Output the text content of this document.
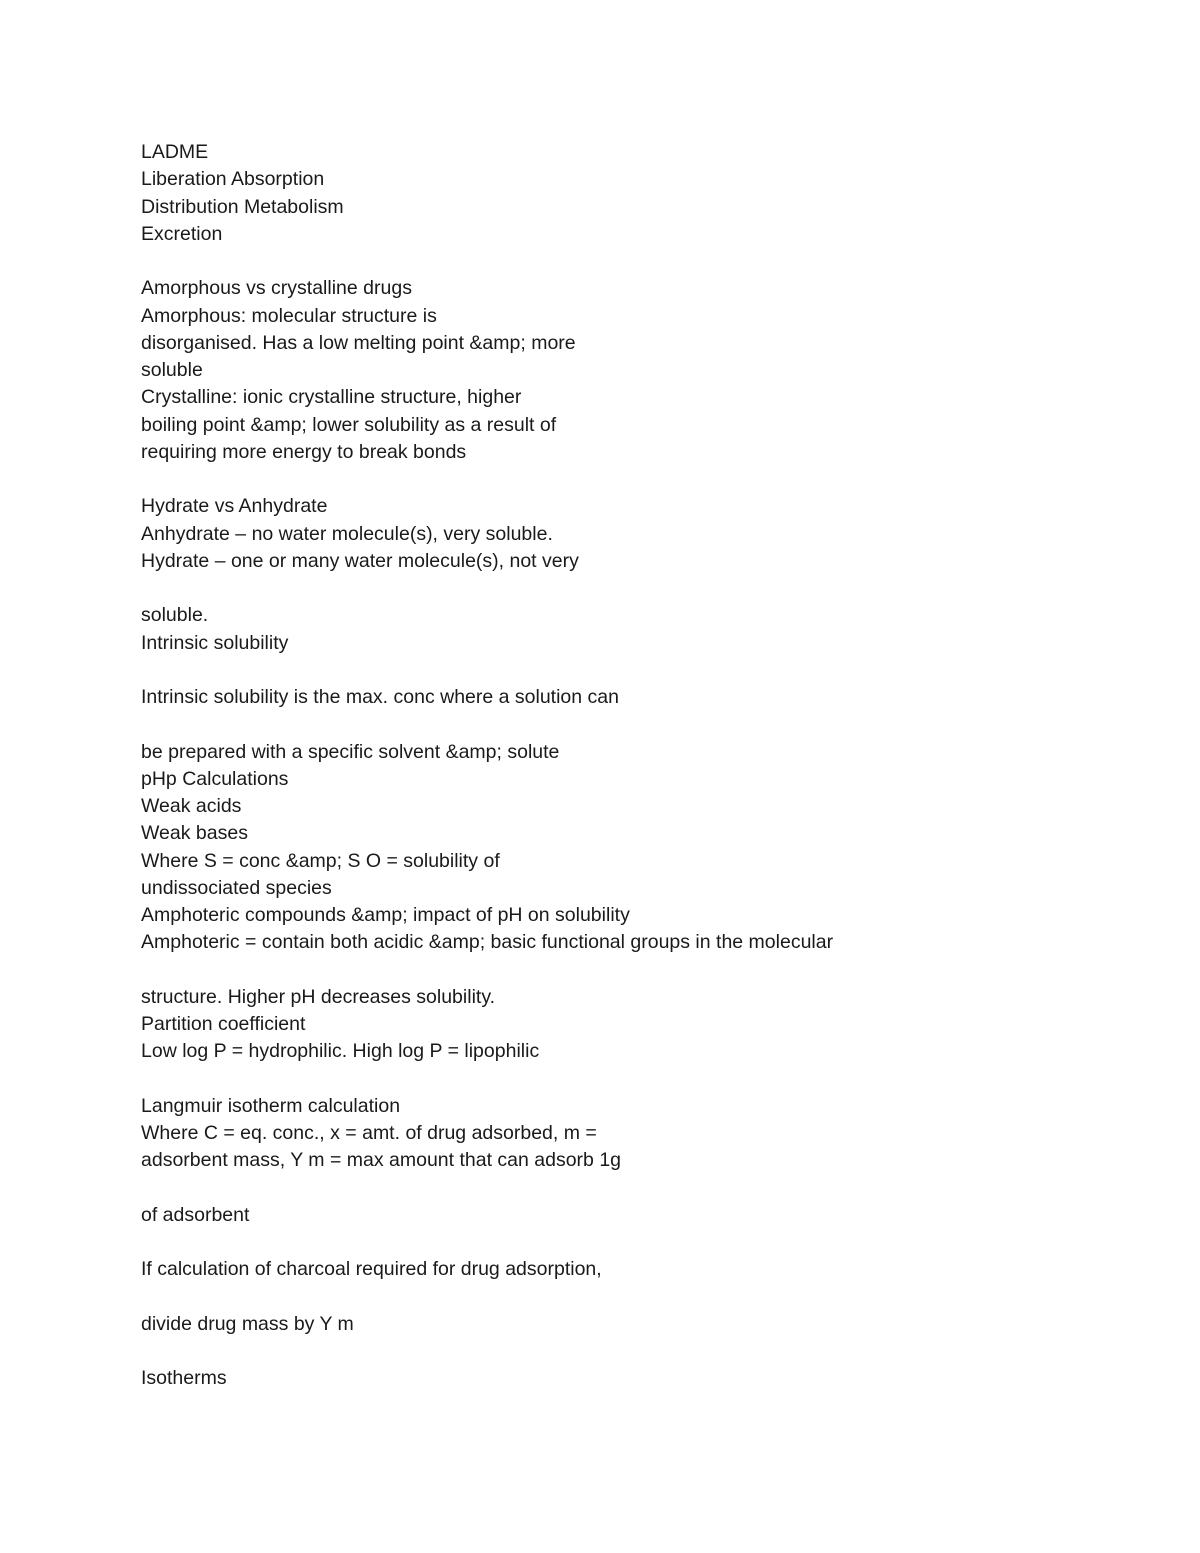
LADME
Liberation Absorption
Distribution Metabolism
Excretion
Amorphous vs crystalline drugs
Amorphous: molecular structure is
disorganised. Has a low melting point &amp; more
soluble
Crystalline: ionic crystalline structure, higher
boiling point &amp; lower solubility as a result of
requiring more energy to break bonds
Hydrate vs Anhydrate
Anhydrate – no water molecule(s), very soluble.
Hydrate – one or many water molecule(s), not very
soluble.
Intrinsic solubility
Intrinsic solubility is the max. conc where a solution can
be prepared with a specific solvent &amp; solute
pHp Calculations
Weak acids
Weak bases
Where S = conc &amp; S O = solubility of
undissociated species
Amphoteric compounds &amp; impact of pH on solubility
Amphoteric = contain both acidic &amp; basic functional groups in the molecular
structure. Higher pH decreases solubility.
Partition coefficient
Low log P = hydrophilic. High log P = lipophilic
Langmuir isotherm calculation
Where C = eq. conc., x = amt. of drug adsorbed, m =
adsorbent mass, Y m = max amount that can adsorb 1g
of adsorbent
If calculation of charcoal required for drug adsorption,
divide drug mass by Y m
Isotherms
